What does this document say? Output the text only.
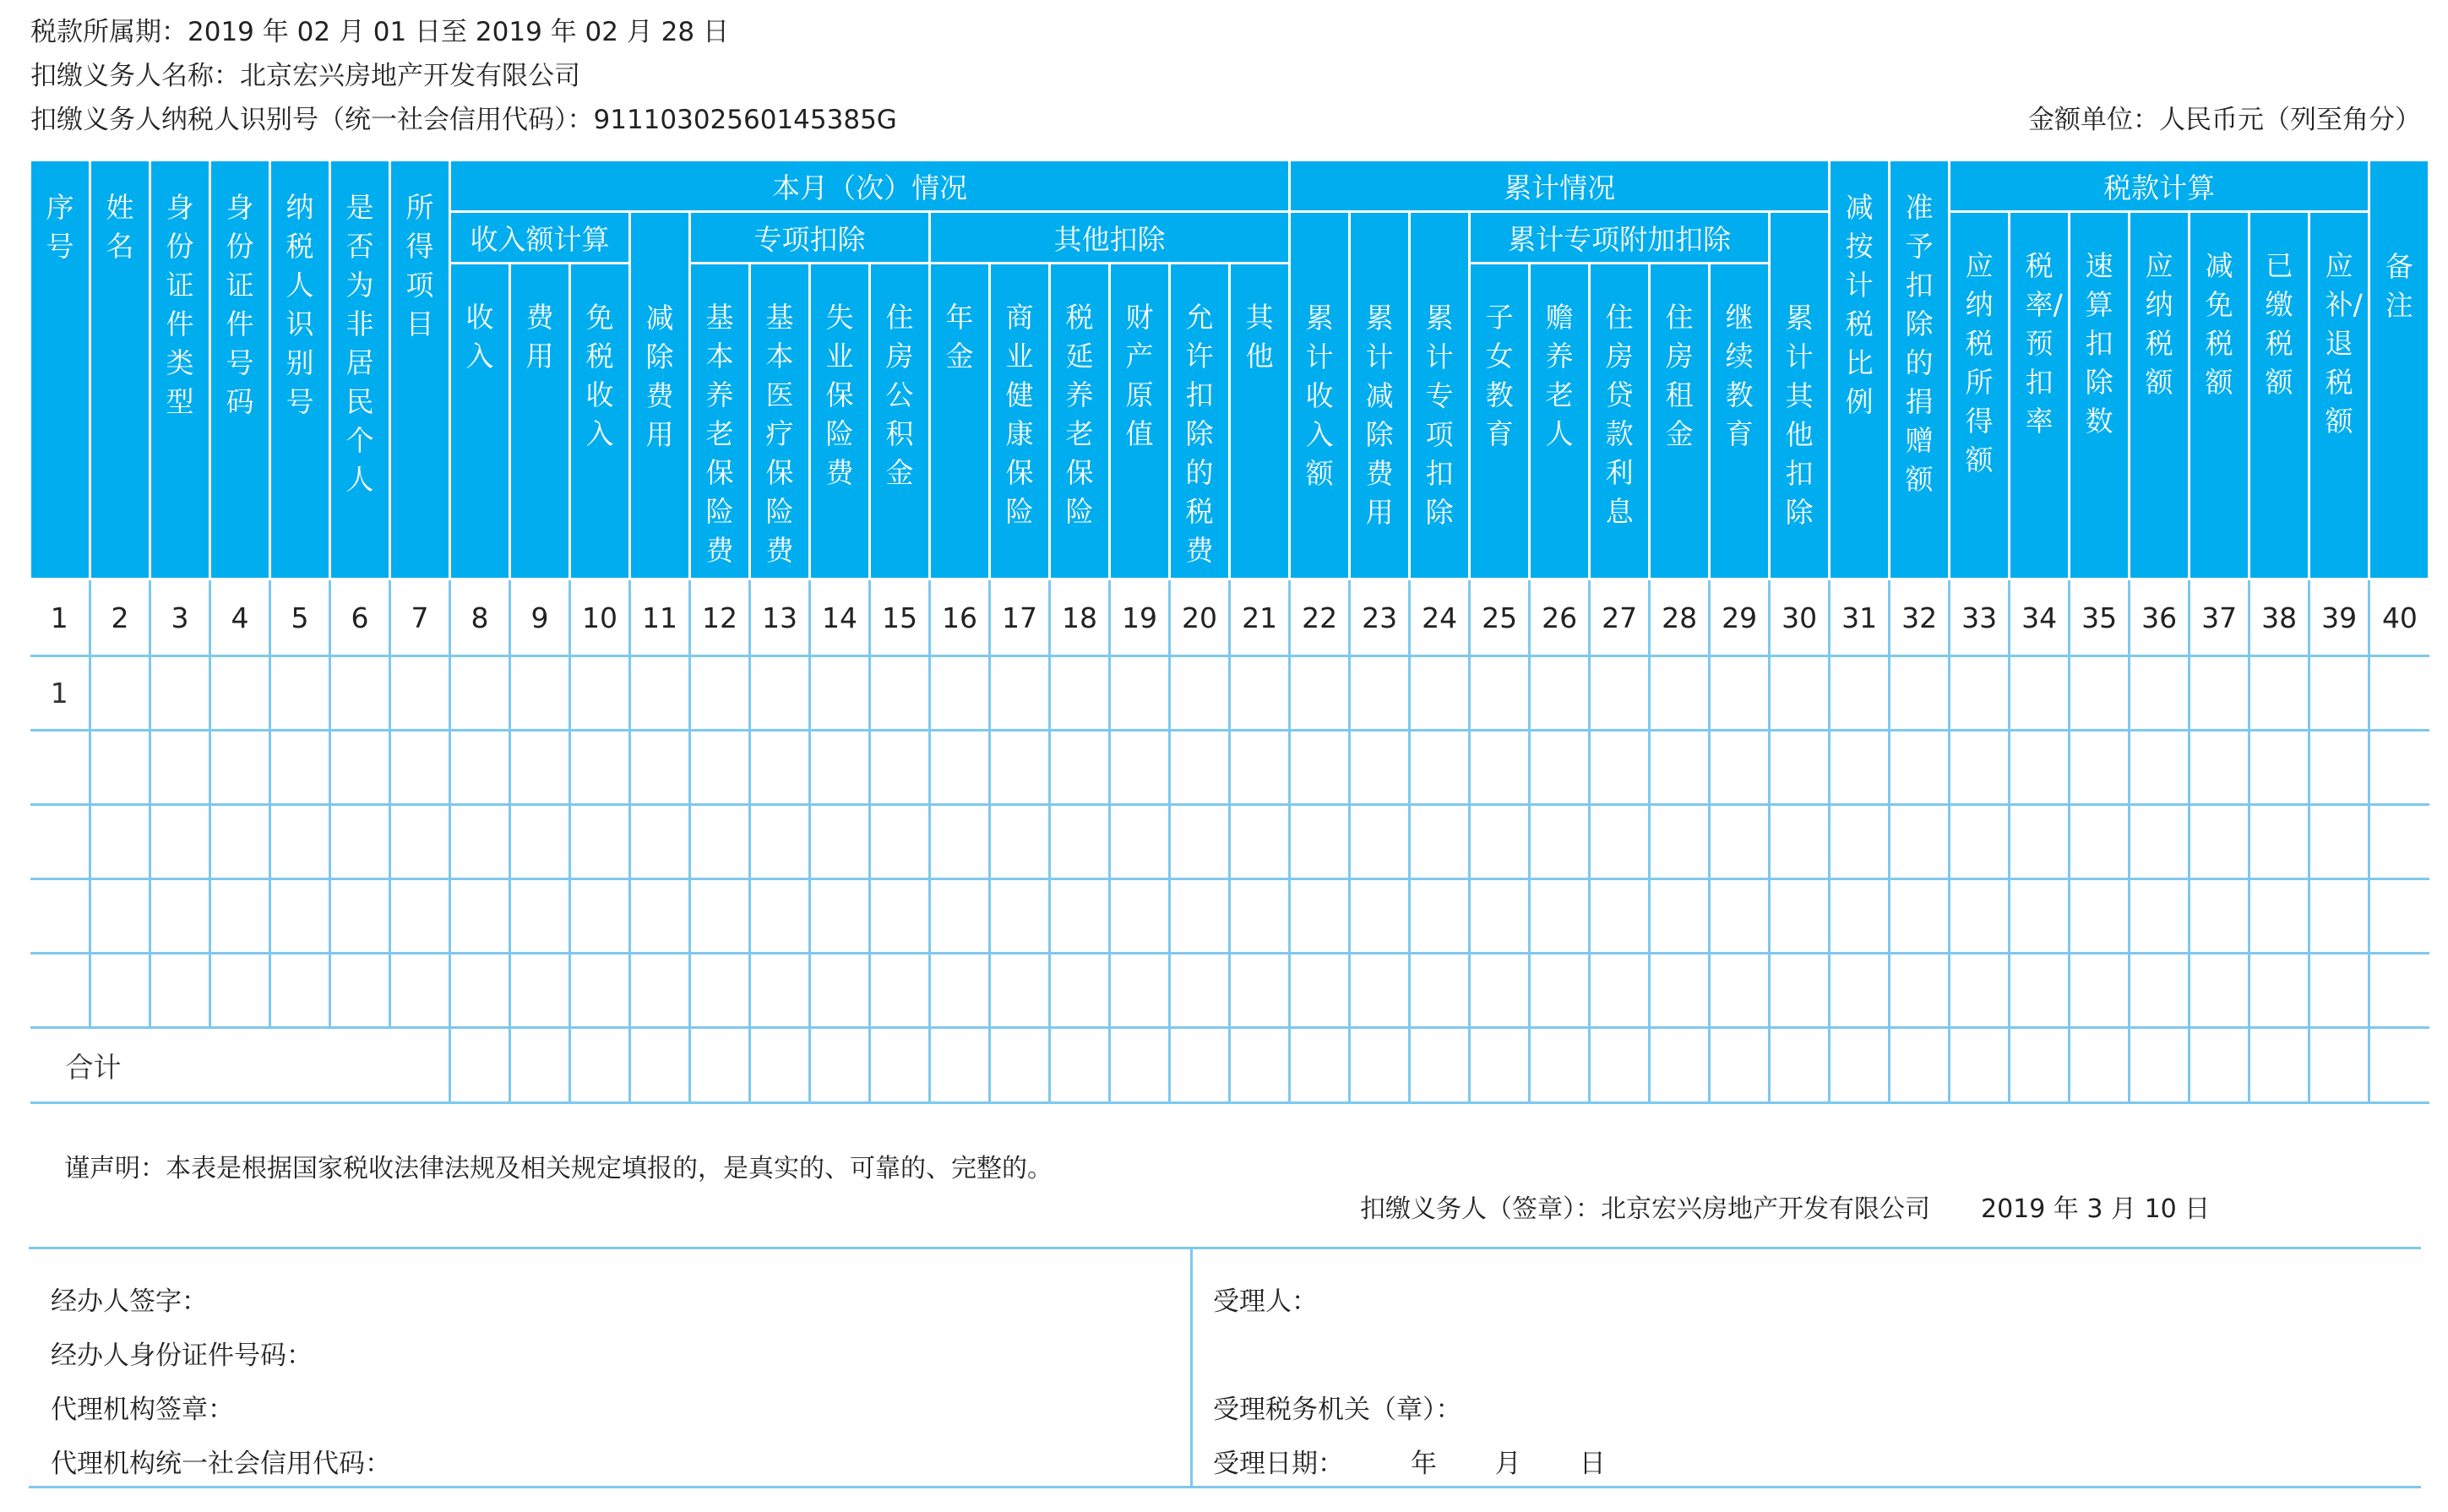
税款所属期：2019 年 02 月 01 日至 2019 年 02 月 28 日
扣缴义务人名称：北京宏兴房地产开发有限公司
扣缴义务人纳税人识别号（统一社会信用代码）：91110302560145385G	金额单位：人民币元（列至角分）
序号	姓名	身份证件类型	身份证件号码	纳税人识别号	是否为非居民个人	所得项目	本月（次）情况														累计情况									减按计税比例	准予扣除的捐赠额	税款计算							备注

							收入额计算			减除费用	专项扣除				其他扣除						累计收入额	累计减除费用	累计专项扣除	累计专项附加扣除					累计其他扣除			应纳税所得额	税率/预扣率	速算扣除数	应纳税额	减免税额	已缴税额	应补/退税额	

							收入	费用	免税收入		基本养老保险费	基本医疗保险费	失业保险费	住房公积金	年金	商业健康保险	税延养老保险	财产原值	允许扣除的税费	其他				子女教育	赡养老人	住房贷款利息	住房租金	继续教育											

1	2	3	4	5	6	7	8	9	10	11	12	13	14	15	16	17	18	19	20	21	22	23	24	25	26	27	28	29	30	31	32	33	34	35	36	37	38	39	40
1																																							

合计																																							
谨声明：本表是根据国家税收法律法规及相关规定填报的，是真实的、可靠的、完整的。
扣缴义务人（签章）：北京宏兴房地产开发有限公司 2019 年 3 月 10 日
经办人签字：
经办人身份证件号码：
代理机构签章：
代理机构统一社会信用代码：
受理人：
受理税务机关（章）：
受理日期：        年       月       日
